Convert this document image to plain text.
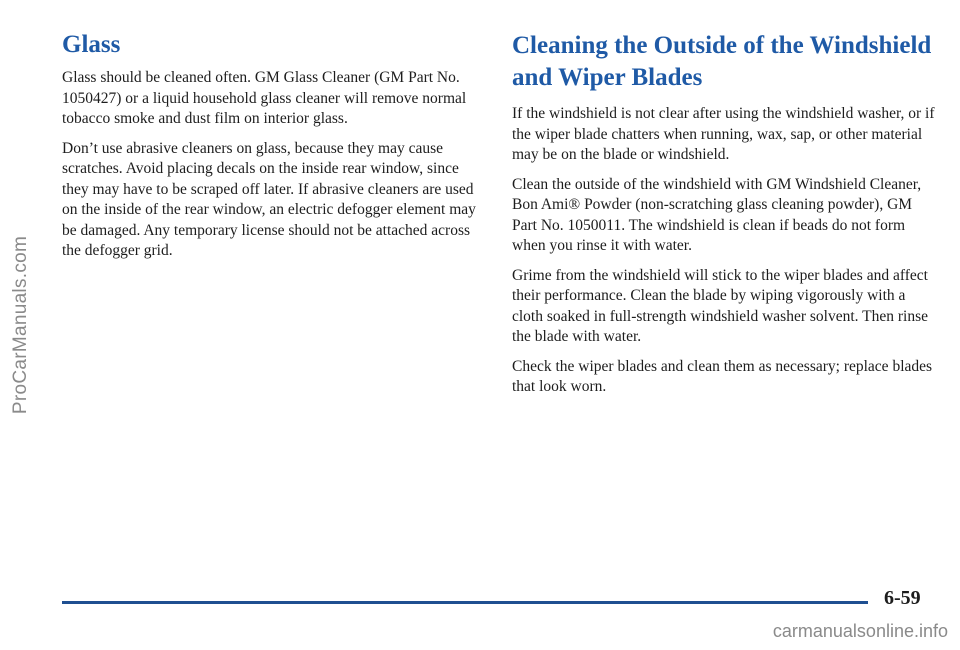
ProCarManuals.com
Glass

Glass should be cleaned often. GM Glass Cleaner (GM Part No. 1050427) or a liquid household glass cleaner will remove normal tobacco smoke and dust film on interior glass.

Don’t use abrasive cleaners on glass, because they may cause scratches. Avoid placing decals on the inside rear window, since they may have to be scraped off later. If abrasive cleaners are used on the inside of the rear window, an electric defogger element may be damaged. Any temporary license should not be attached across the defogger grid.

Cleaning the Outside of the Windshield and Wiper Blades

If the windshield is not clear after using the windshield washer, or if the wiper blade chatters when running, wax, sap, or other material may be on the blade or windshield.

Clean the outside of the windshield with GM Windshield Cleaner, Bon Ami® Powder (non-scratching glass cleaning powder), GM Part No. 1050011. The windshield is clean if beads do not form when you rinse it with water.

Grime from the windshield will stick to the wiper blades and affect their performance. Clean the blade by wiping vigorously with a cloth soaked in full-strength windshield washer solvent. Then rinse the blade with water.

Check the wiper blades and clean them as necessary; replace blades that look worn.

6-59
carmanualsonline.info
